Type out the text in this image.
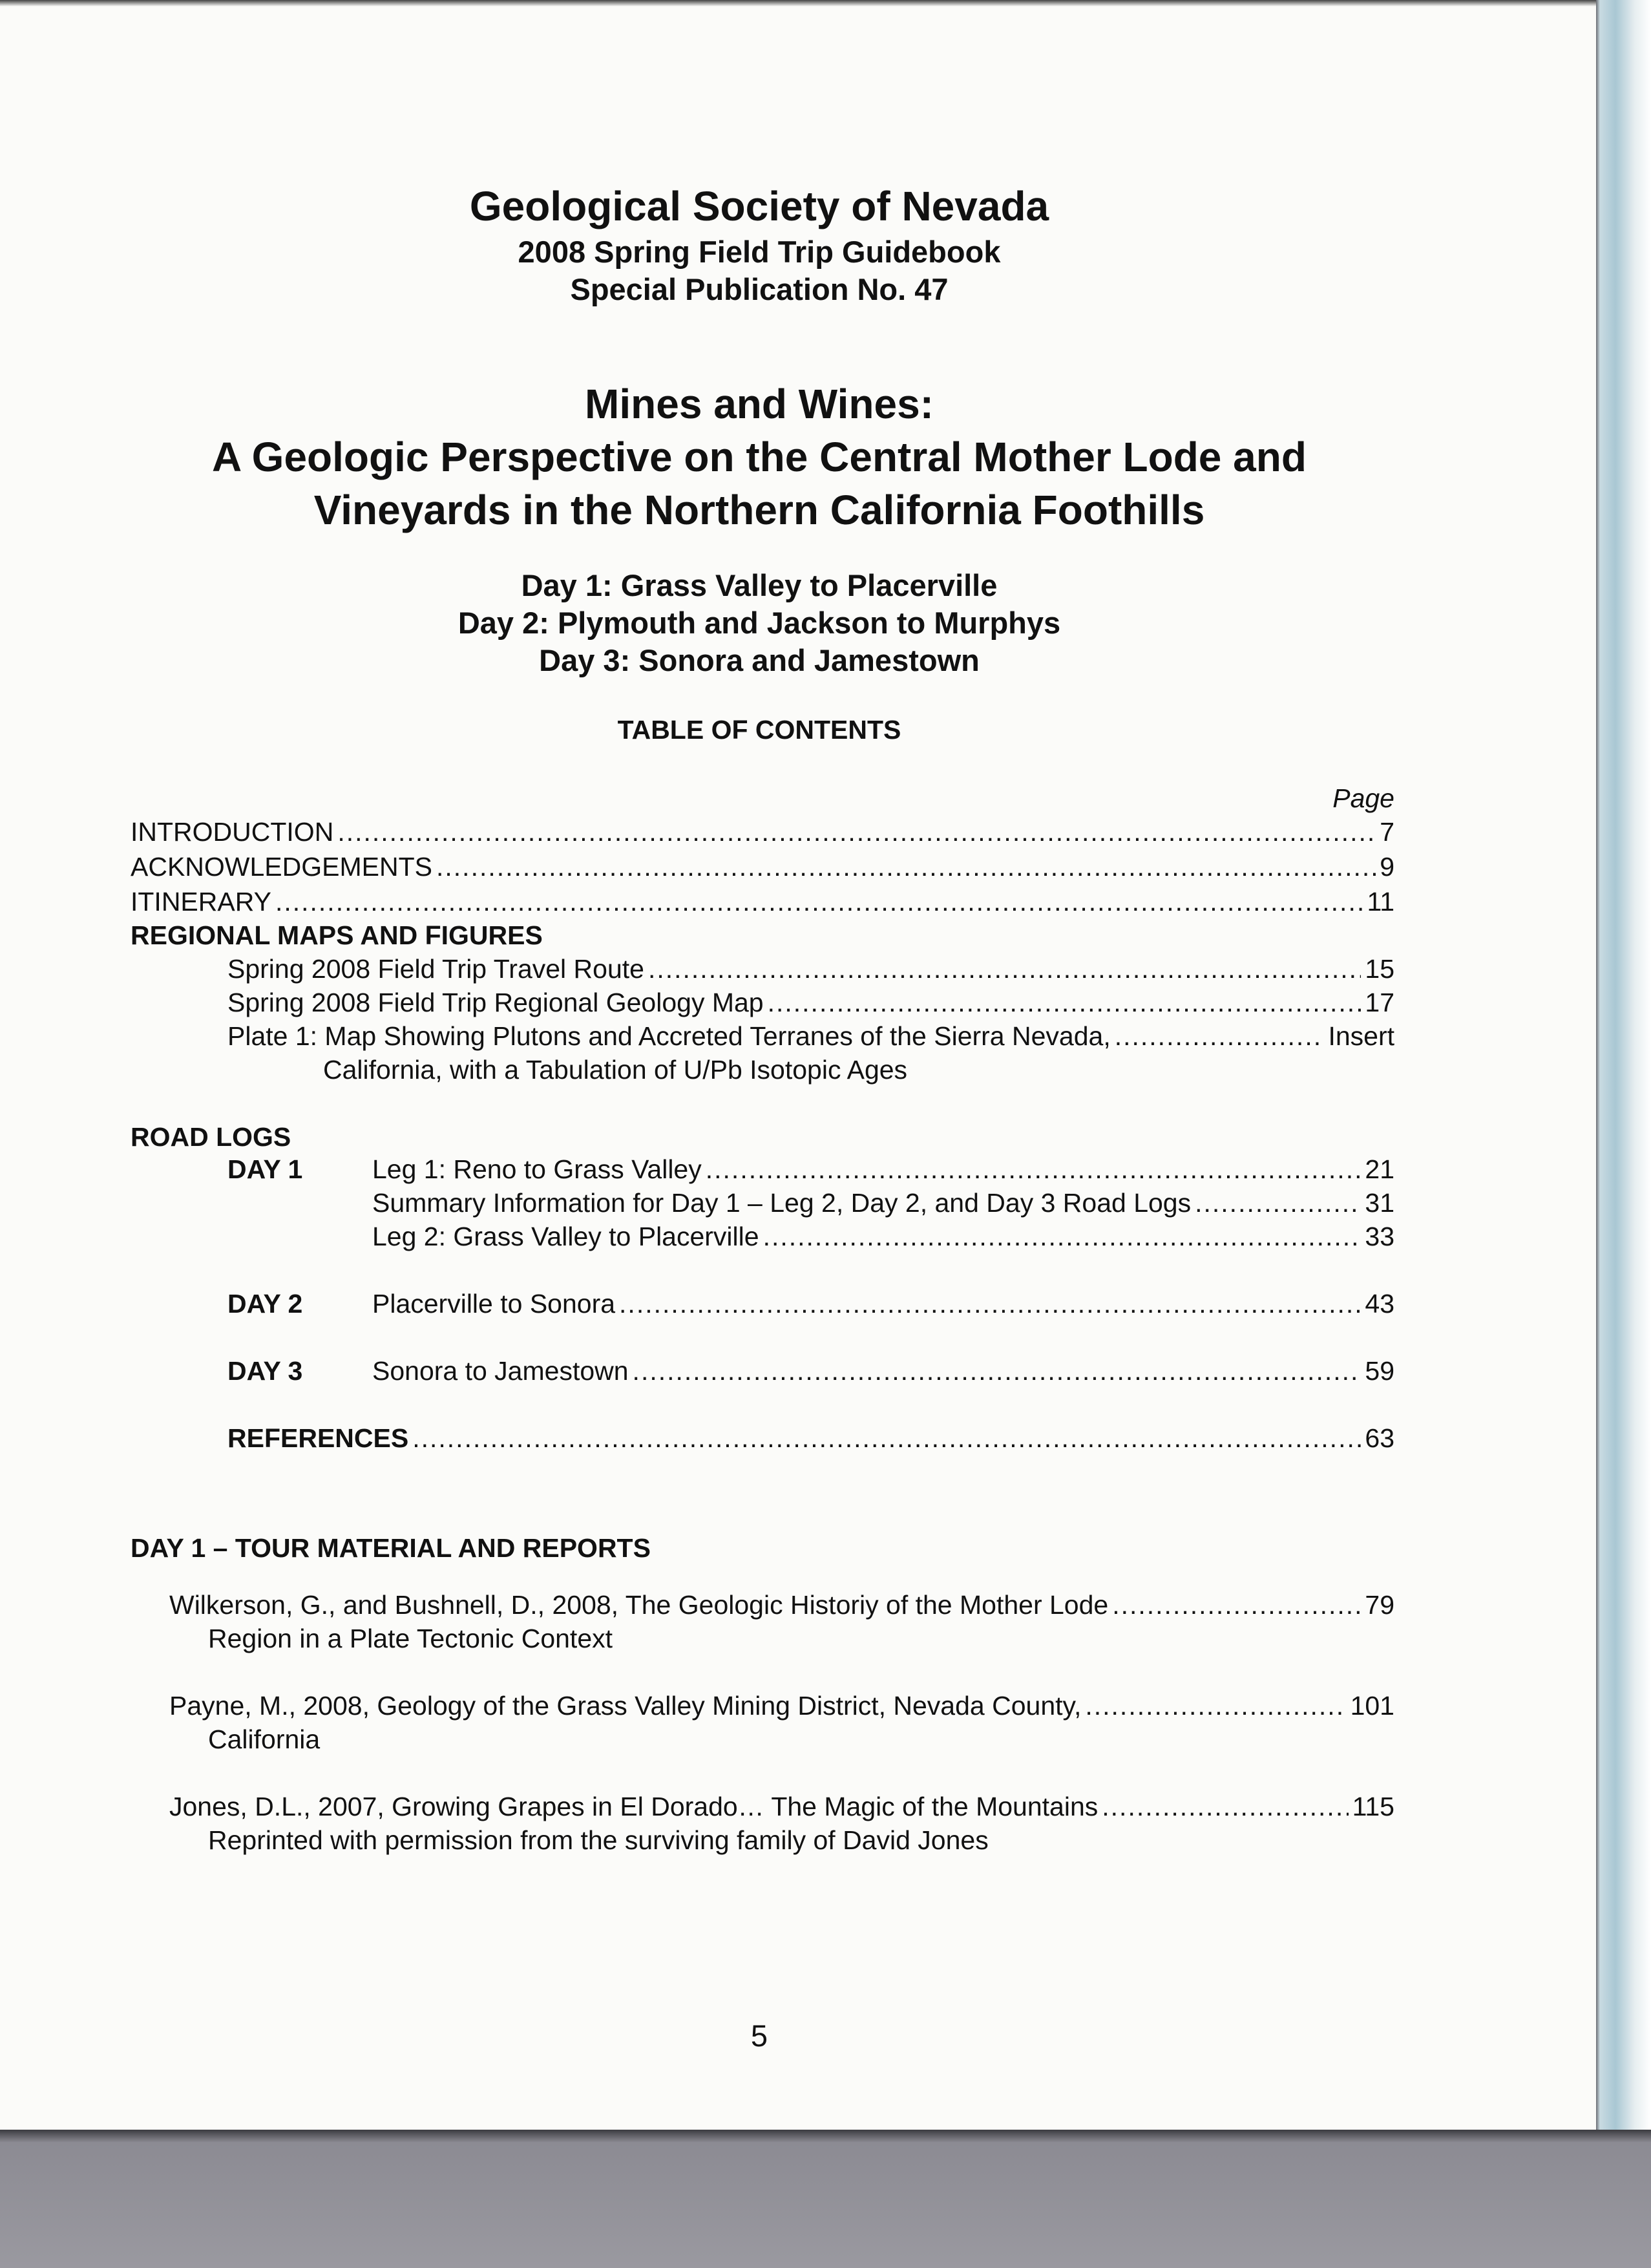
Geological Society of Nevada
2008 Spring Field Trip Guidebook
Special Publication No. 47
Mines and Wines:
A Geologic Perspective on the Central Mother Lode and
Vineyards in the Northern California Foothills
Day 1: Grass Valley to Placerville
Day 2: Plymouth and Jackson to Murphys
Day 3: Sonora and Jamestown
TABLE OF CONTENTS
Page
INTRODUCTION .....	7
ACKNOWLEDGEMENTS .....	9
ITINERARY .....	11
REGIONAL MAPS AND FIGURES
Spring 2008 Field Trip Travel Route .....	15
Spring 2008 Field Trip Regional Geology Map .....	17
Plate 1: Map Showing Plutons and Accreted Terranes of the Sierra Nevada, .....	Insert
California, with a Tabulation of U/Pb Isotopic Ages
ROAD LOGS
DAY 1	Leg 1: Reno to Grass Valley .....	21
Summary Information for Day 1 – Leg 2, Day 2, and Day 3 Road Logs .....	31
Leg 2: Grass Valley to Placerville .....	33
DAY 2	Placerville to Sonora .....	43
DAY 3	Sonora to Jamestown .....	59
REFERENCES .....	63
DAY 1 – TOUR MATERIAL AND REPORTS
Wilkerson, G., and Bushnell, D., 2008, The Geologic Historiy of the Mother Lode .....	79
Region in a Plate Tectonic Context
Payne, M., 2008, Geology of the Grass Valley Mining District, Nevada County, .....	101
California
Jones, D.L., 2007, Growing Grapes in El Dorado… The Magic of the Mountains .....	115
Reprinted with permission from the surviving family of David Jones
5
